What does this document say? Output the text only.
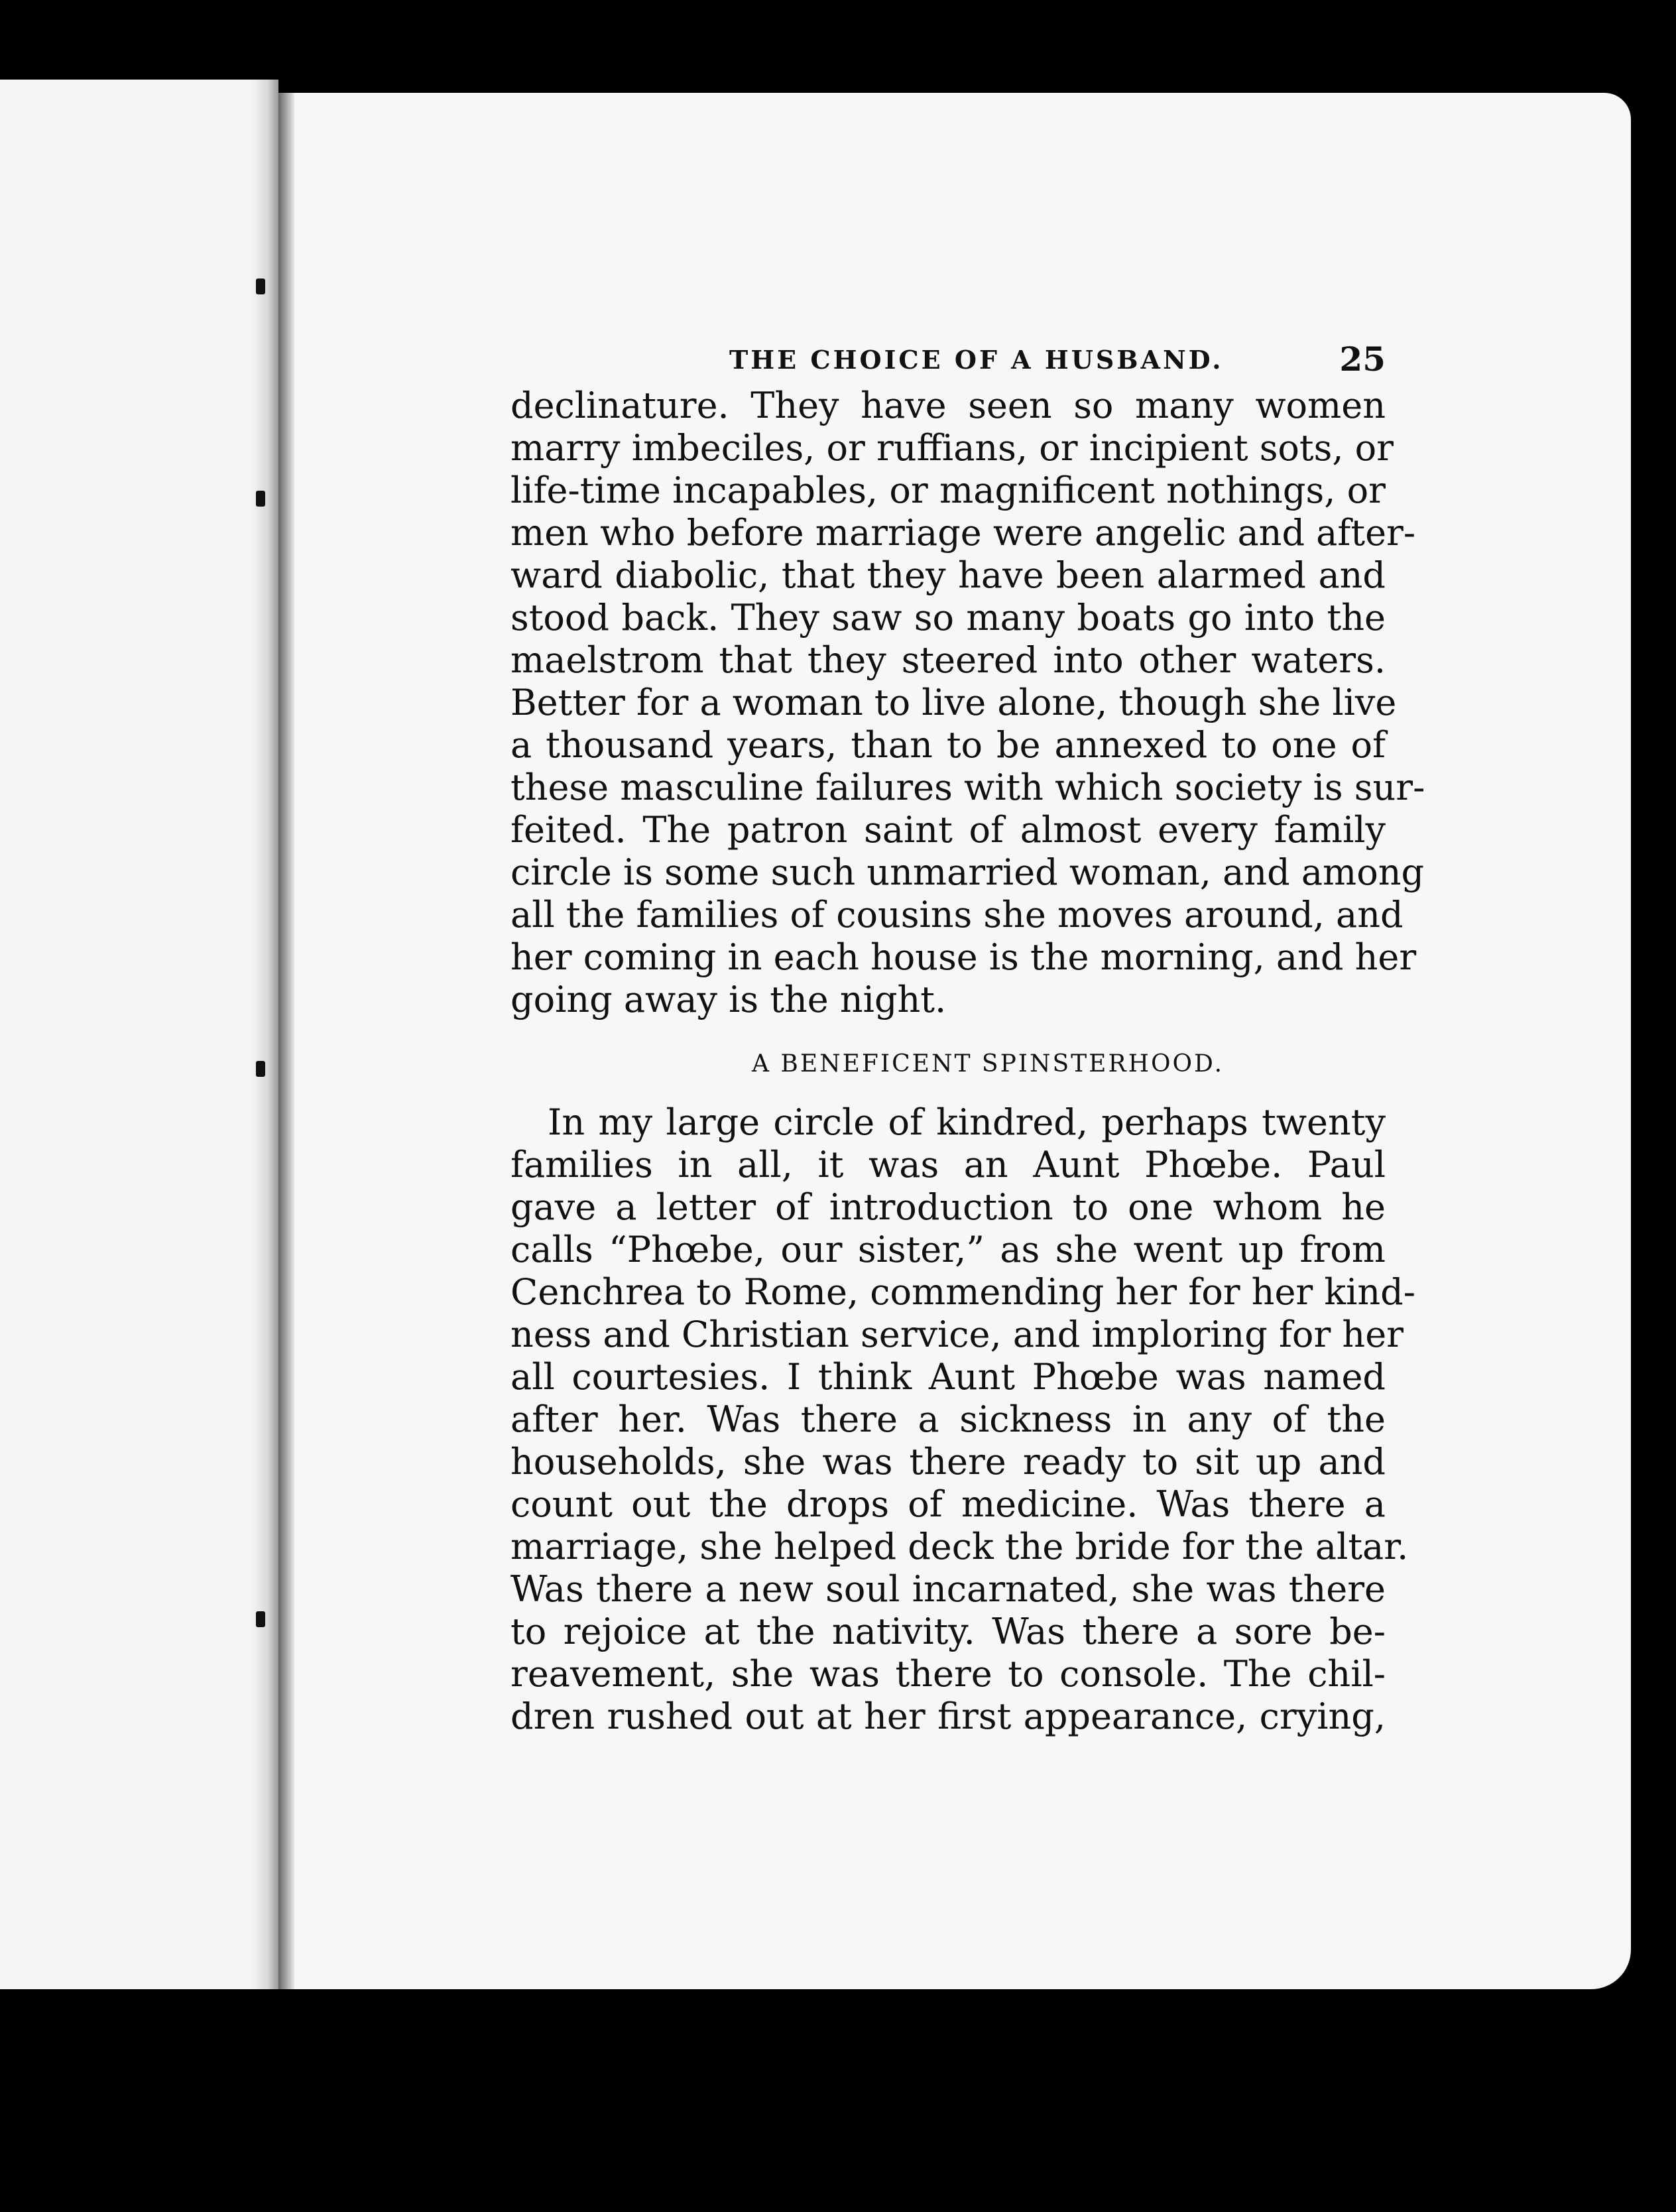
THE CHOICE OF A HUSBAND.	25

declinature. They have seen so many women
marry imbeciles, or ruffians, or incipient sots, or
life-time incapables, or magnificent nothings, or
men who before marriage were angelic and after-
ward diabolic, that they have been alarmed and
stood back. They saw so many boats go into the
maelstrom that they steered into other waters.
Better for a woman to live alone, though she live
a thousand years, than to be annexed to one of
these masculine failures with which society is sur-
feited. The patron saint of almost every family
circle is some such unmarried woman, and among
all the families of cousins she moves around, and
her coming in each house is the morning, and her
going away is the night.

A BENEFICENT SPINSTERHOOD.

In my large circle of kindred, perhaps twenty
families in all, it was an Aunt Phœbe. Paul
gave a letter of introduction to one whom he
calls “Phœbe, our sister,” as she went up from
Cenchrea to Rome, commending her for her kind-
ness and Christian service, and imploring for her
all courtesies. I think Aunt Phœbe was named
after her. Was there a sickness in any of the
households, she was there ready to sit up and
count out the drops of medicine. Was there a
marriage, she helped deck the bride for the altar.
Was there a new soul incarnated, she was there
to rejoice at the nativity. Was there a sore be-
reavement, she was there to console. The chil-
dren rushed out at her first appearance, crying,
